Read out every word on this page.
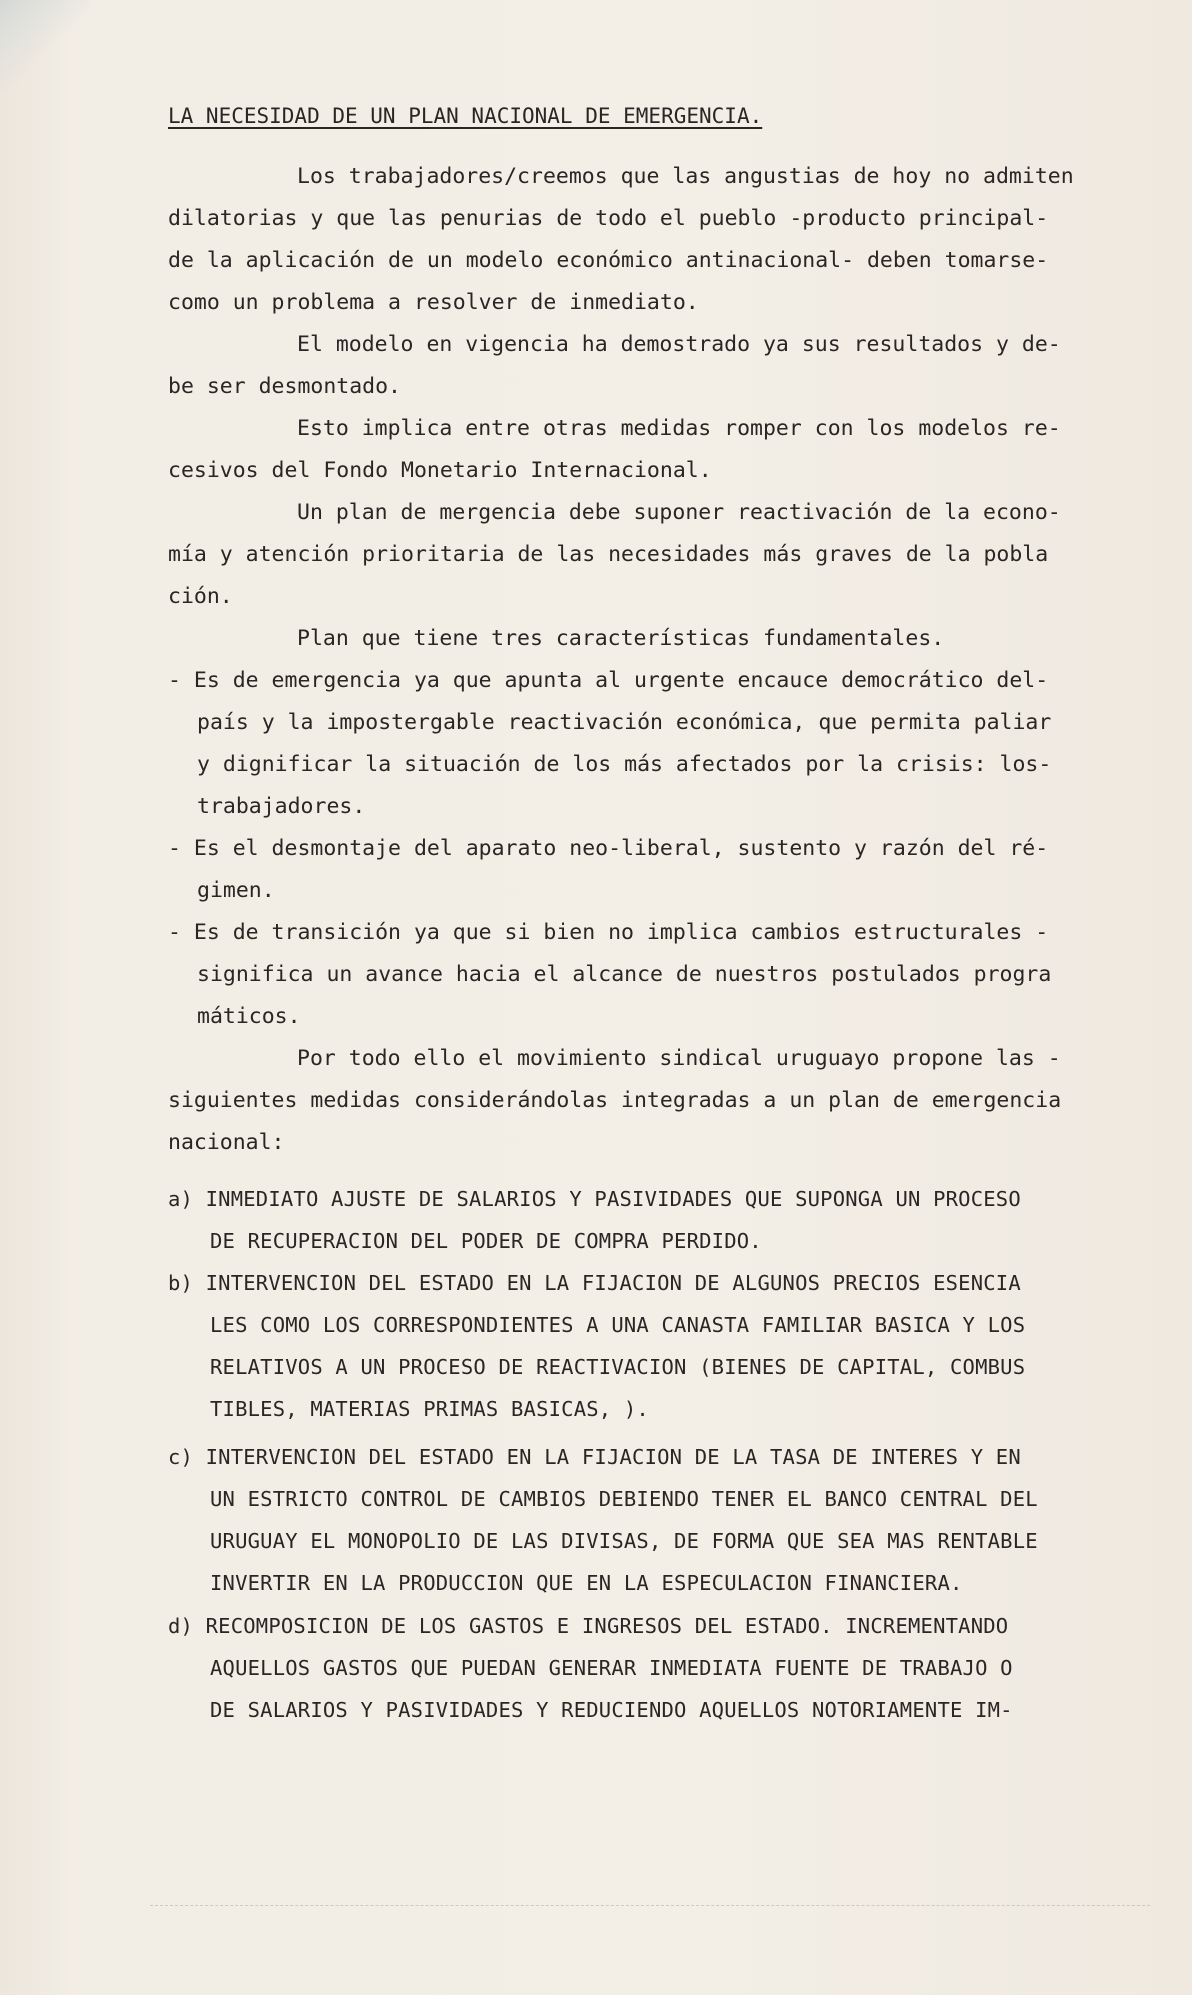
LA NECESIDAD DE UN PLAN NACIONAL DE EMERGENCIA.
Los trabajadores/creemos que las angustias de hoy no admiten
dilatorias y que las penurias de todo el pueblo -producto principal-
de la aplicación de un modelo económico antinacional- deben tomarse-
como un problema a resolver de inmediato.
El modelo en vigencia ha demostrado ya sus resultados y de-
be ser desmontado.
Esto implica entre otras medidas romper con los modelos re-
cesivos del Fondo Monetario Internacional.
Un plan de mergencia debe suponer reactivación de la econo-
mía y atención prioritaria de las necesidades más graves de la pobla
ción.
Plan que tiene tres características fundamentales.
- Es de emergencia ya que apunta al urgente encauce democrático del-
país y la impostergable reactivación económica, que permita paliar
y dignificar la situación de los más afectados por la crisis: los-
trabajadores.
- Es el desmontaje del aparato neo-liberal, sustento y razón del ré-
gimen.
- Es de transición ya que si bien no implica cambios estructurales -
significa un avance hacia el alcance de nuestros postulados progra
máticos.
Por todo ello el movimiento sindical uruguayo propone las -
siguientes medidas considerándolas integradas a un plan de emergencia
nacional:
a) INMEDIATO AJUSTE DE SALARIOS Y PASIVIDADES QUE SUPONGA UN PROCESO
DE RECUPERACION DEL PODER DE COMPRA PERDIDO.
b) INTERVENCION DEL ESTADO EN LA FIJACION DE ALGUNOS PRECIOS ESENCIA
LES COMO LOS CORRESPONDIENTES A UNA CANASTA FAMILIAR BASICA Y LOS
RELATIVOS A UN PROCESO DE REACTIVACION (BIENES DE CAPITAL, COMBUS
TIBLES, MATERIAS PRIMAS BASICAS, ).
c) INTERVENCION DEL ESTADO EN LA FIJACION DE LA TASA DE INTERES Y EN
UN ESTRICTO CONTROL DE CAMBIOS DEBIENDO TENER EL BANCO CENTRAL DEL
URUGUAY EL MONOPOLIO DE LAS DIVISAS, DE FORMA QUE SEA MAS RENTABLE
INVERTIR EN LA PRODUCCION QUE EN LA ESPECULACION FINANCIERA.
d) RECOMPOSICION DE LOS GASTOS E INGRESOS DEL ESTADO. INCREMENTANDO
AQUELLOS GASTOS QUE PUEDAN GENERAR INMEDIATA FUENTE DE TRABAJO O
DE SALARIOS Y PASIVIDADES Y REDUCIENDO AQUELLOS NOTORIAMENTE IM-
